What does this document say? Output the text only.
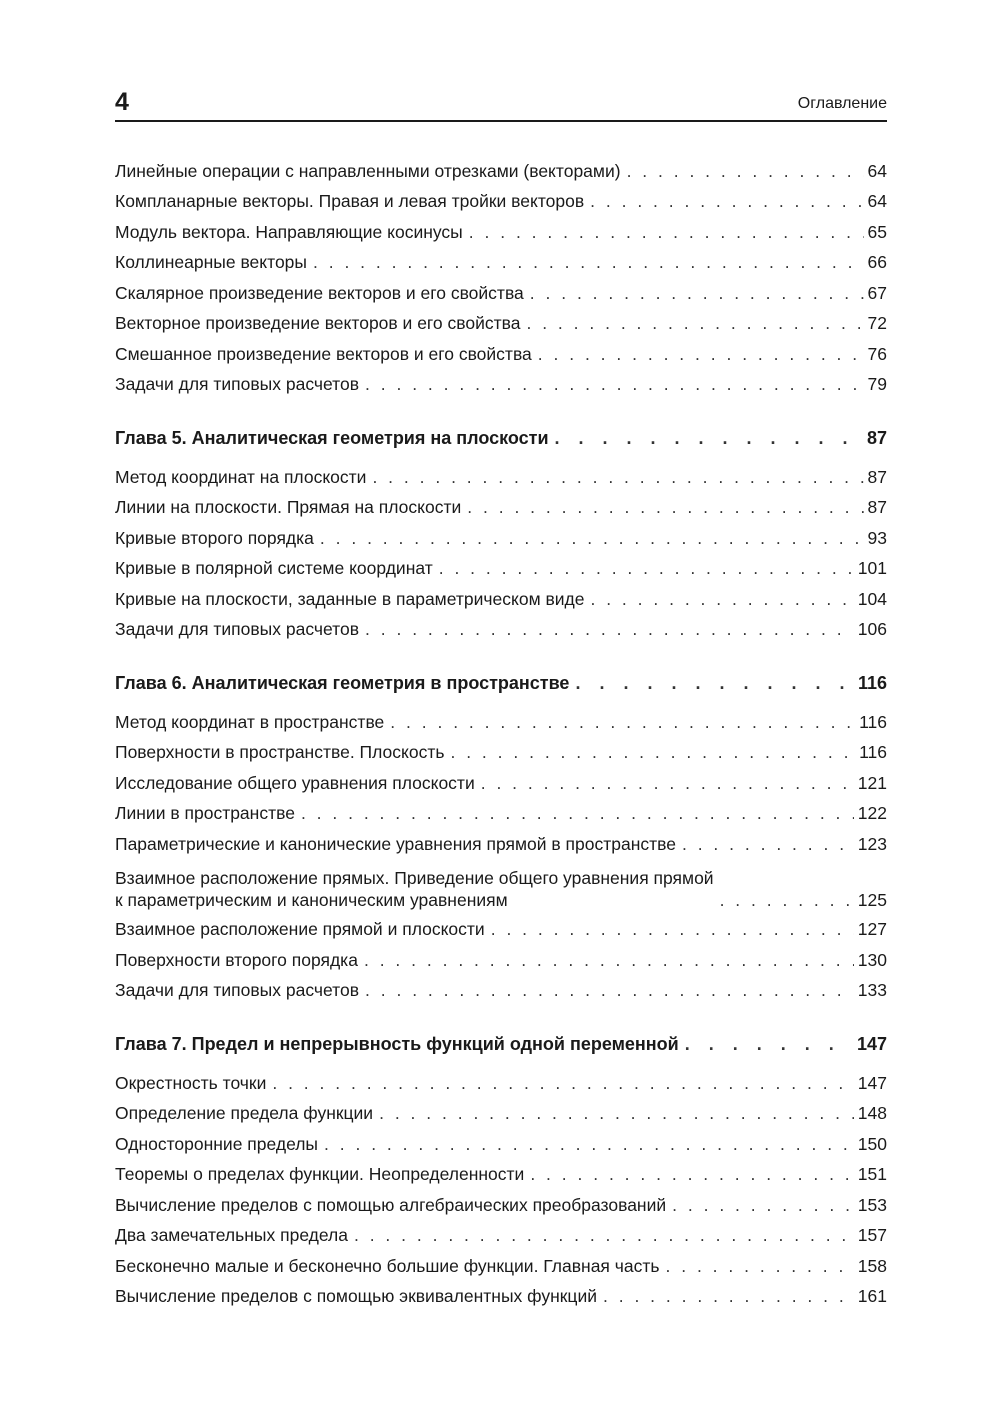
4	Оглавление
Линейные операции с направленными отрезками (векторами) . . .	64
Компланарные векторы. Правая и левая тройки векторов . . .	64
Модуль вектора. Направляющие косинусы . . .	65
Коллинеарные векторы . . .	66
Скалярное произведение векторов и его свойства . . .	67
Векторное произведение векторов и его свойства . . .	72
Смешанное произведение векторов и его свойства . . .	76
Задачи для типовых расчетов . . .	79
Глава 5. Аналитическая геометрия на плоскости . . .	87
Метод координат на плоскости . . .	87
Линии на плоскости. Прямая на плоскости . . .	87
Кривые второго порядка . . .	93
Кривые в полярной системе координат . . .	101
Кривые на плоскости, заданные в параметрическом виде . . .	104
Задачи для типовых расчетов . . .	106
Глава 6. Аналитическая геометрия в пространстве . . .	116
Метод координат в пространстве . . .	116
Поверхности в пространстве. Плоскость . . .	116
Исследование общего уравнения плоскости . . .	121
Линии в пространстве . . .	122
Параметрические и канонические уравнения прямой в пространстве . . .	123
Взаимное расположение прямых. Приведение общего уравнения прямой
к параметрическим и каноническим уравнениям . . .	125
Взаимное расположение прямой и плоскости . . .	127
Поверхности второго порядка . . .	130
Задачи для типовых расчетов . . .	133
Глава 7. Предел и непрерывность функций одной переменной . . .	147
Окрестность точки . . .	147
Определение предела функции . . .	148
Односторонние пределы . . .	150
Теоремы о пределах функции. Неопределенности . . .	151
Вычисление пределов с помощью алгебраических преобразований . . .	153
Два замечательных предела . . .	157
Бесконечно малые и бесконечно большие функции. Главная часть . . .	158
Вычисление пределов с помощью эквивалентных функций . . .	161
